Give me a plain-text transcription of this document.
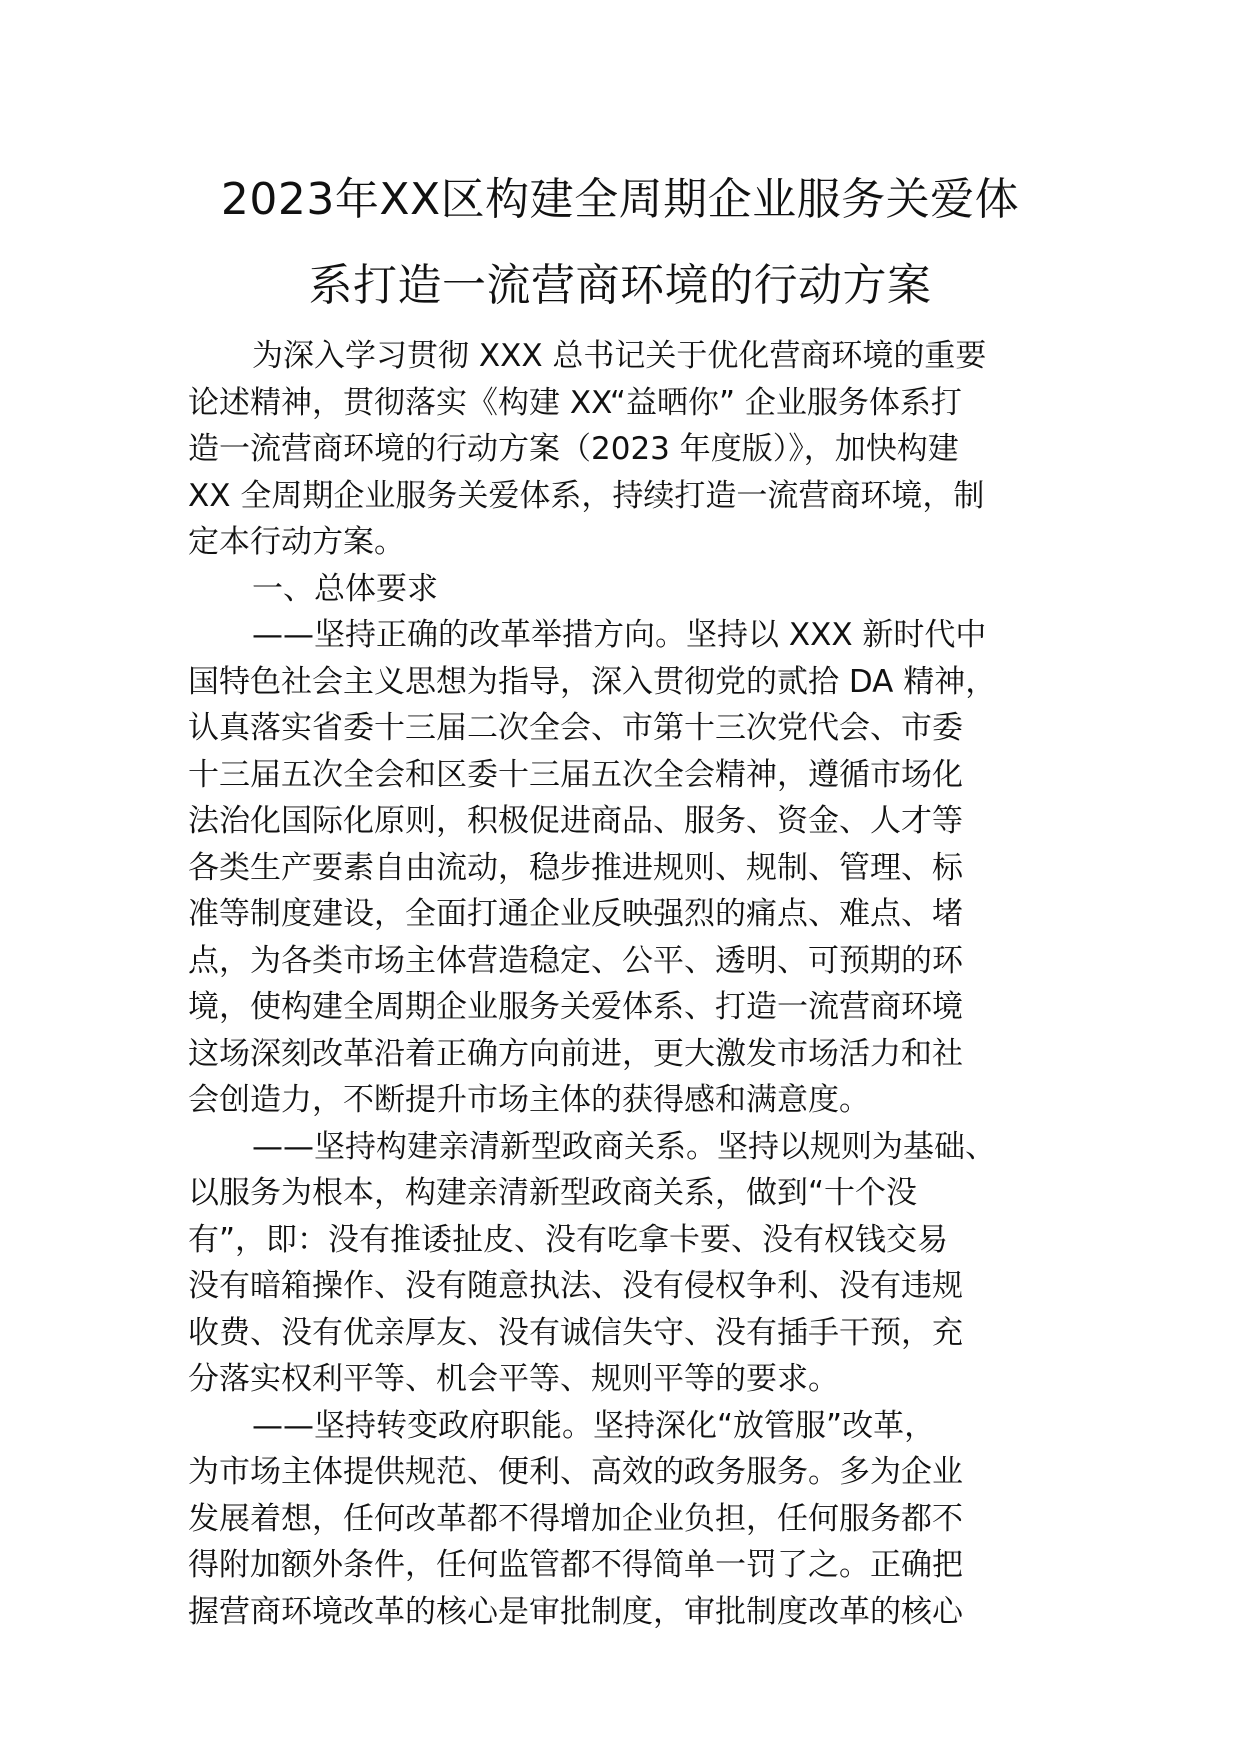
2023年XX区构建全周期企业服务关爱体
系打造一流营商环境的行动方案
为深入学习贯彻 XXX 总书记关于优化营商环境的重要
论述精神，贯彻落实《构建 XX“益晒你” 企业服务体系打
造一流营商环境的行动方案（2023 年度版）》，加快构建
XX 全周期企业服务关爱体系，持续打造一流营商环境，制
定本行动方案。
一、总体要求
——坚持正确的改革举措方向。坚持以 XXX 新时代中
国特色社会主义思想为指导，深入贯彻党的贰拾 DA 精神，
认真落实省委十三届二次全会、市第十三次党代会、市委
十三届五次全会和区委十三届五次全会精神，遵循市场化
法治化国际化原则，积极促进商品、服务、资金、人才等
各类生产要素自由流动，稳步推进规则、规制、管理、标
准等制度建设，全面打通企业反映强烈的痛点、难点、堵
点，为各类市场主体营造稳定、公平、透明、可预期的环
境，使构建全周期企业服务关爱体系、打造一流营商环境
这场深刻改革沿着正确方向前进，更大激发市场活力和社
会创造力，不断提升市场主体的获得感和满意度。
——坚持构建亲清新型政商关系。坚持以规则为基础、
以服务为根本，构建亲清新型政商关系，做到“十个没
有”，即：没有推诿扯皮、没有吃拿卡要、没有权钱交易
没有暗箱操作、没有随意执法、没有侵权争利、没有违规
收费、没有优亲厚友、没有诚信失守、没有插手干预，充
分落实权利平等、机会平等、规则平等的要求。
——坚持转变政府职能。坚持深化“放管服”改革，
为市场主体提供规范、便利、高效的政务服务。多为企业
发展着想，任何改革都不得增加企业负担，任何服务都不
得附加额外条件，任何监管都不得简单一罚了之。正确把
握营商环境改革的核心是审批制度，审批制度改革的核心
